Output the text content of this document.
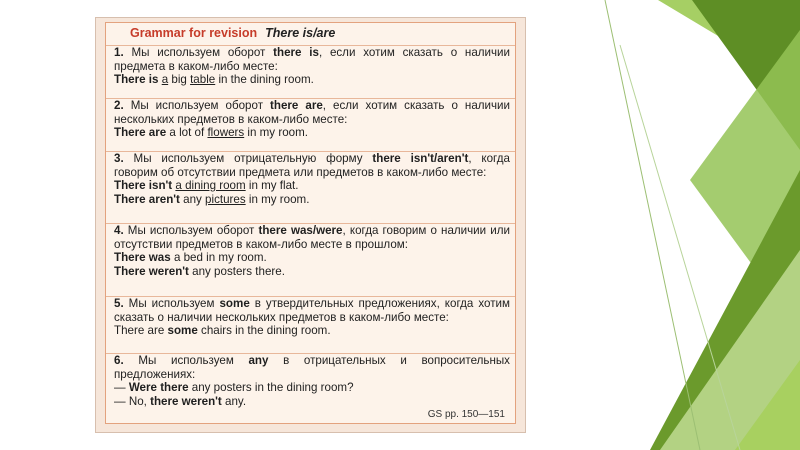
Grammar for revision There is/are
1. Мы используем оборот there is, если хотим сказать о наличии предмета в каком-либо месте:
There is a big table in the dining room.
2. Мы используем оборот there are, если хотим сказать о наличии нескольких предметов в каком-либо месте:
There are a lot of flowers in my room.
3. Мы используем отрицательную форму there isn't/aren't, когда говорим об отсутствии предмета или предметов в каком-либо месте:
There isn't a dining room in my flat.
There aren't any pictures in my room.
4. Мы используем оборот there was/were, когда говорим о наличии или отсутствии предметов в каком-либо месте в прошлом:
There was a bed in my room.
There weren't any posters there.
5. Мы используем some в утвердительных предложениях, когда хотим сказать о наличии нескольких предметов в каком-либо месте:
There are some chairs in the dining room.
6. Мы используем any в отрицательных и вопросительных предложениях:
— Were there any posters in the dining room?
— No, there weren't any.
GS pp. 150—151
